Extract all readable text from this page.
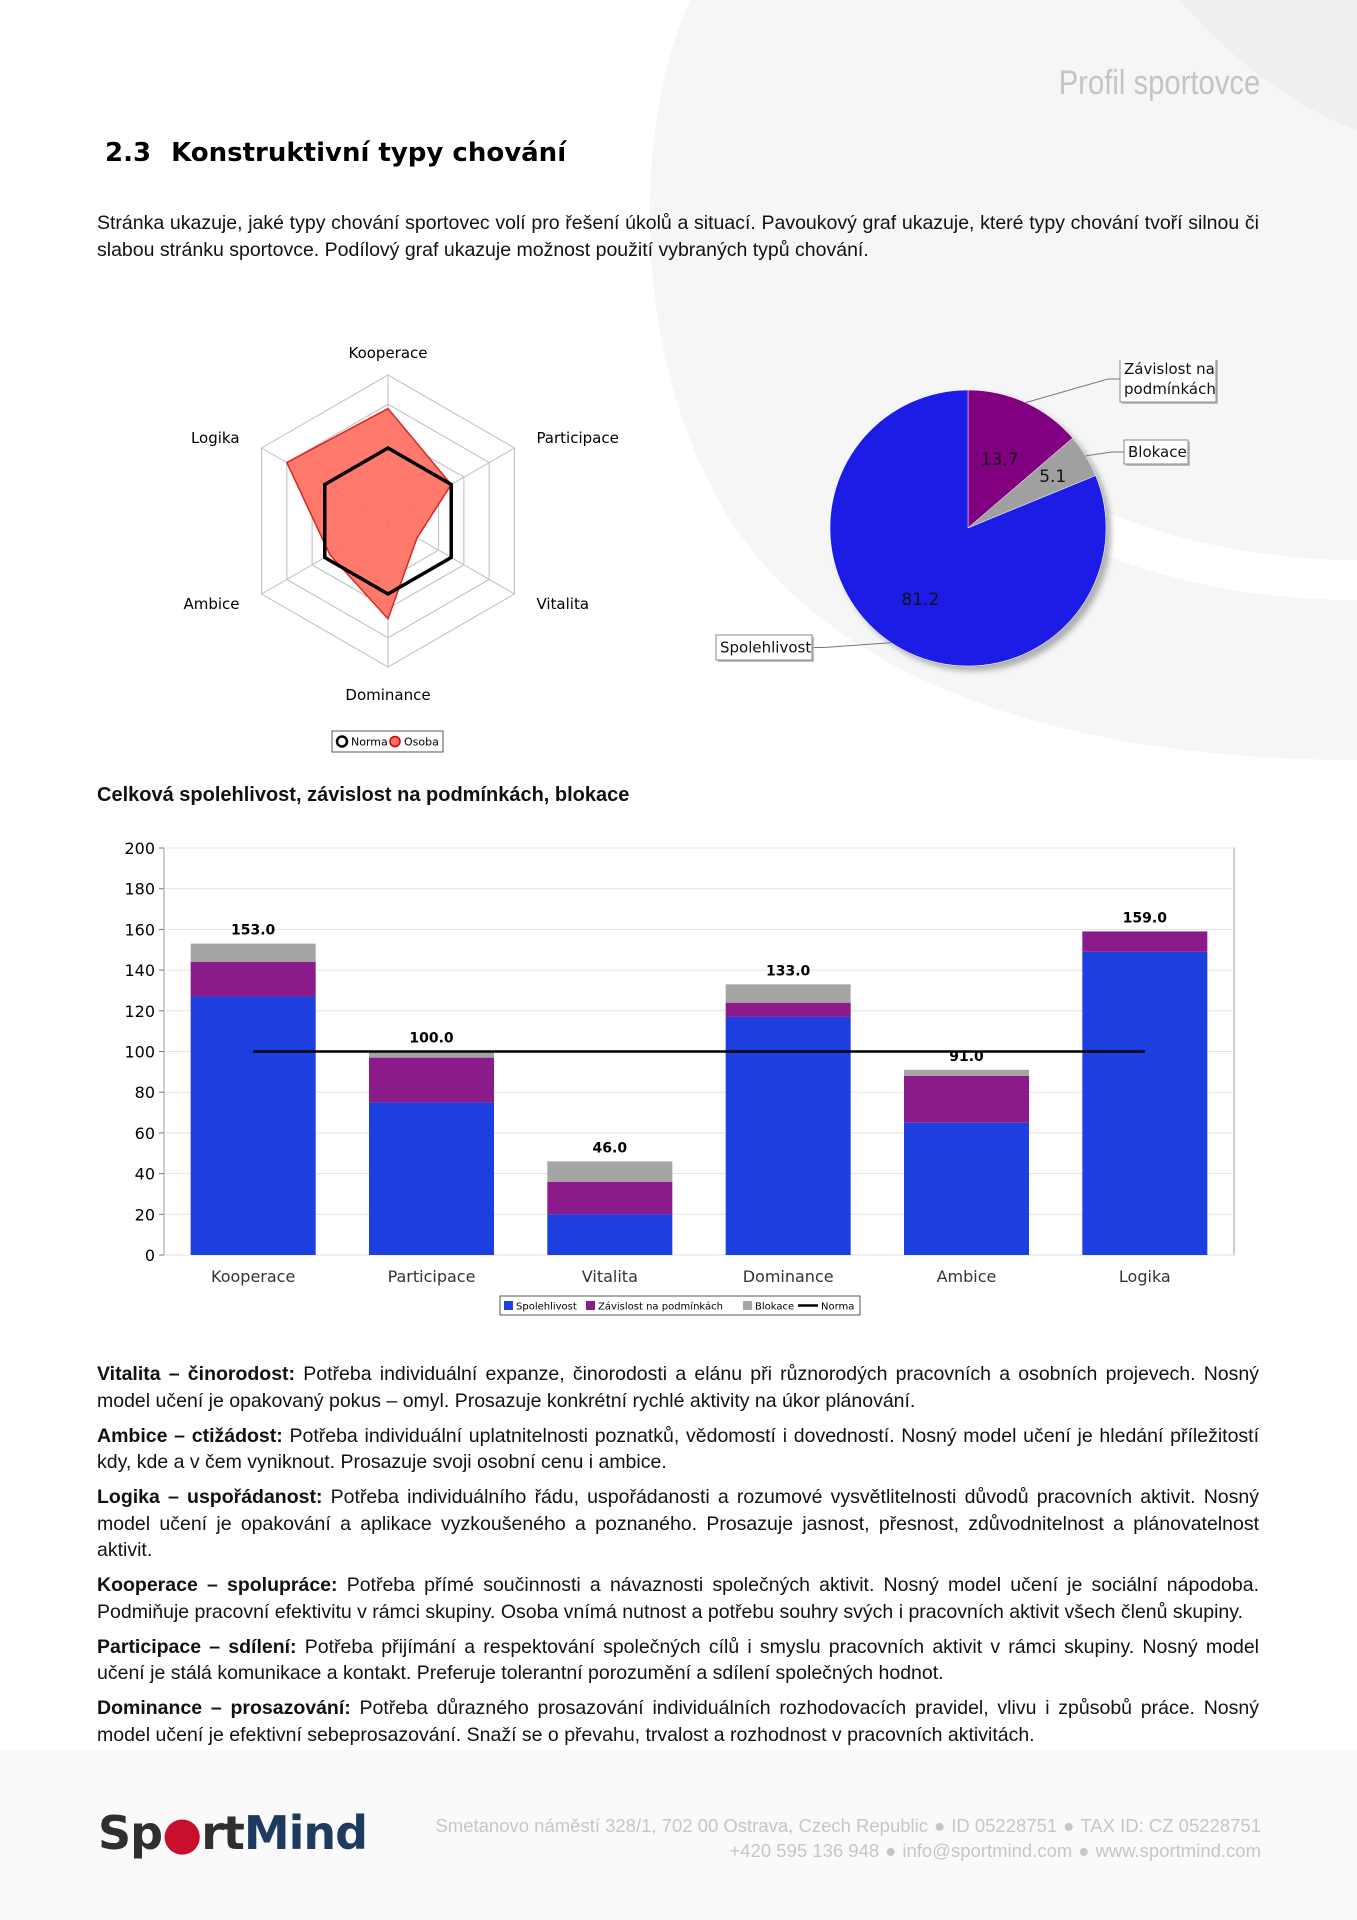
Profil sportovce
2.3 Konstruktivní typy chování

Stránka ukazuje, jaké typy chování sportovec volí pro řešení úkolů a situací. Pavoukový graf ukazuje, které typy chování tvoří silnou či slabou stránku sportovce. Podílový graf ukazuje možnost použití vybraných typů chování.

Kooperace
Participace
Vitalita
Dominance
Ambice
Logika
Norma Osoba
13.7
5.1
81.2
Závislost na
podmínkách
Blokace
Spolehlivost
Celková spolehlivost, závislost na podmínkách, blokace
0
20
40
60
80
100
120
140
160
180
200
153.0
100.0
46.0
133.0
91.0
159.0
Kooperace	Participace	Vitalita	Dominance	Ambice	Logika
Spolehlivost Závislost na podmínkách	Blokace	Norma

Vitalita – činorodost: Potřeba individuální expanze, činorodosti a elánu při různorodých pracovních a osobních projevech. Nosný model učení je opakovaný pokus – omyl. Prosazuje konkrétní rychlé aktivity na úkor plánování.

Ambice – ctižádost: Potřeba individuální uplatnitelnosti poznatků, vědomostí i dovedností. Nosný model učení je hledání příležitostí kdy, kde a v čem vyniknout. Prosazuje svoji osobní cenu i ambice.

Logika – uspořádanost: Potřeba individuálního řádu, uspořádanosti a rozumové vysvětlitelnosti důvodů pracovních aktivit. Nosný model učení je opakování a aplikace vyzkoušeného a poznaného. Prosazuje jasnost, přesnost, zdůvodnitelnost a plánovatelnost aktivit.

Kooperace – spolupráce: Potřeba přímé součinnosti a návaznosti společných aktivit. Nosný model učení je sociální nápodoba. Podmiňuje pracovní efektivitu v rámci skupiny. Osoba vnímá nutnost a potřebu souhry svých i pracovních aktivit všech členů skupiny.

Participace – sdílení: Potřeba přijímání a respektování společných cílů i smyslu pracovních aktivit v rámci skupiny. Nosný model učení je stálá komunikace a kontakt. Preferuje tolerantní porozumění a sdílení společných hodnot.

Dominance – prosazování: Potřeba důrazného prosazování individuálních rozhodovacích pravidel, vlivu i způsobů práce. Nosný model učení je efektivní sebeprosazování. Snaží se o převahu, trvalost a rozhodnost v pracovních aktivitách.

Sp●rtMind	Smetanovo náměstí 328/1, 702 00 Ostrava, Czech Republic ● ID 05228751 ● TAX ID: CZ 05228751
+420 595 136 948 ● info@sportmind.com ● www.sportmind.com
